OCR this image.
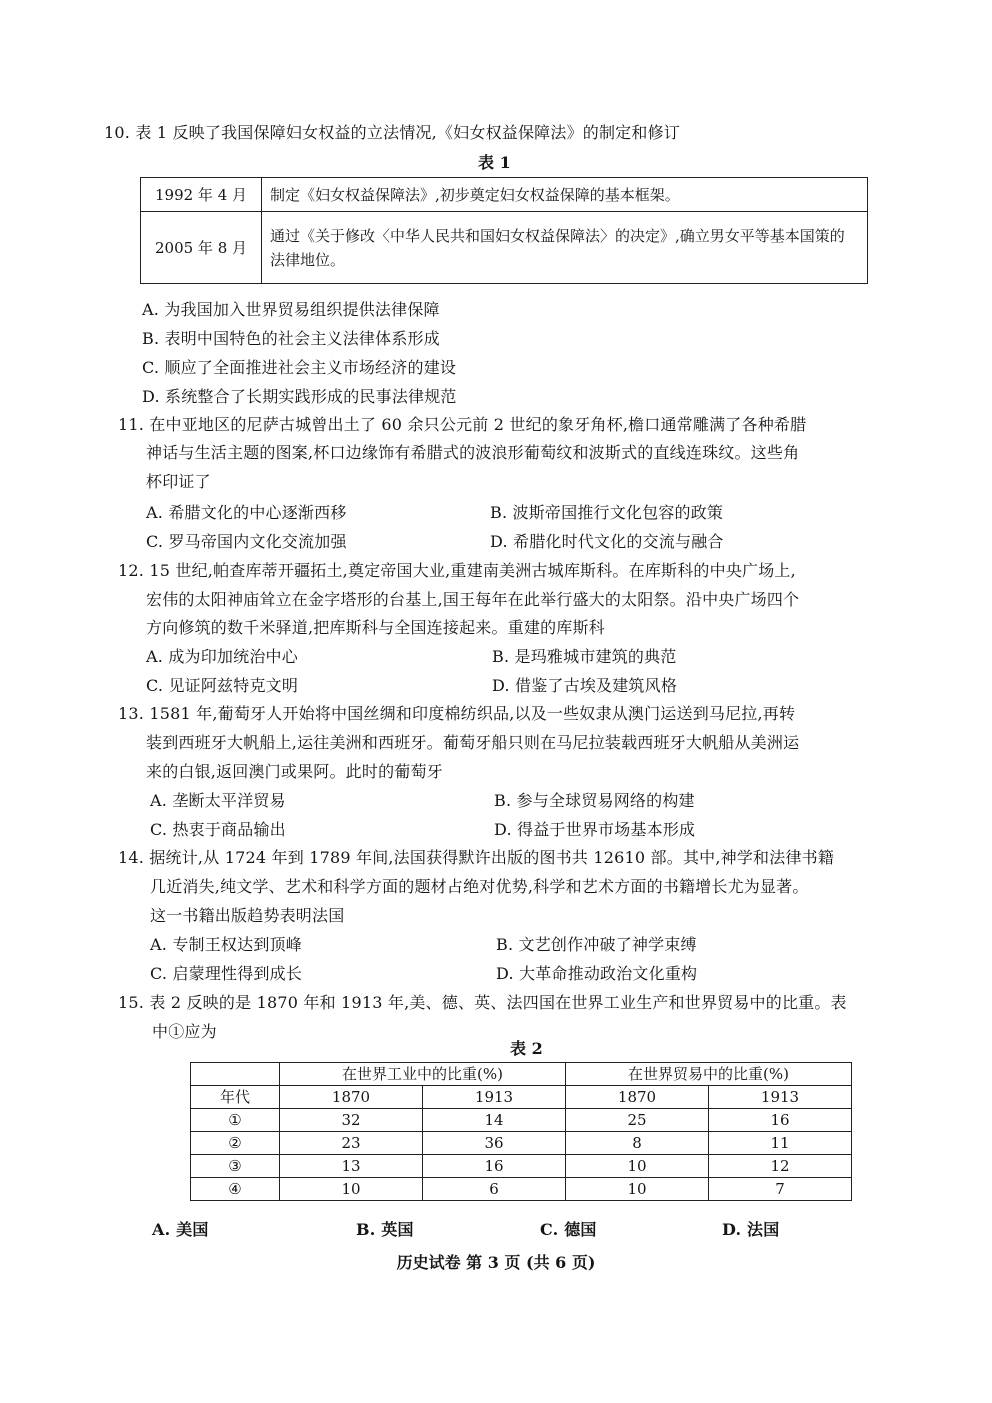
10. 表 1 反映了我国保障妇女权益的立法情况,《妇女权益保障法》的制定和修订
表 1
1992 年 4 月	制定《妇女权益保障法》,初步奠定妇女权益保障的基本框架。
2005 年 8 月	通过《关于修改〈中华人民共和国妇女权益保障法〉的决定》,确立男女平等基本国策的法律地位。
A. 为我国加入世界贸易组织提供法律保障
B. 表明中国特色的社会主义法律体系形成
C. 顺应了全面推进社会主义市场经济的建设
D. 系统整合了长期实践形成的民事法律规范
11. 在中亚地区的尼萨古城曾出土了 60 余只公元前 2 世纪的象牙角杯,檐口通常雕满了各种希腊
神话与生活主题的图案,杯口边缘饰有希腊式的波浪形葡萄纹和波斯式的直线连珠纹。这些角
杯印证了
A. 希腊文化的中心逐渐西移	B. 波斯帝国推行文化包容的政策
C. 罗马帝国内文化交流加强	D. 希腊化时代文化的交流与融合
12. 15 世纪,帕查库蒂开疆拓土,奠定帝国大业,重建南美洲古城库斯科。在库斯科的中央广场上,
宏伟的太阳神庙耸立在金字塔形的台基上,国王每年在此举行盛大的太阳祭。沿中央广场四个
方向修筑的数千米驿道,把库斯科与全国连接起来。重建的库斯科
A. 成为印加统治中心	B. 是玛雅城市建筑的典范
C. 见证阿兹特克文明	D. 借鉴了古埃及建筑风格
13. 1581 年,葡萄牙人开始将中国丝绸和印度棉纺织品,以及一些奴隶从澳门运送到马尼拉,再转
装到西班牙大帆船上,运往美洲和西班牙。葡萄牙船只则在马尼拉装载西班牙大帆船从美洲运
来的白银,返回澳门或果阿。此时的葡萄牙
A. 垄断太平洋贸易	B. 参与全球贸易网络的构建
C. 热衷于商品输出	D. 得益于世界市场基本形成
14. 据统计,从 1724 年到 1789 年间,法国获得默许出版的图书共 12610 部。其中,神学和法律书籍
几近消失,纯文学、艺术和科学方面的题材占绝对优势,科学和艺术方面的书籍增长尤为显著。
这一书籍出版趋势表明法国
A. 专制王权达到顶峰	B. 文艺创作冲破了神学束缚
C. 启蒙理性得到成长	D. 大革命推动政治文化重构
15. 表 2 反映的是 1870 年和 1913 年,美、德、英、法四国在世界工业生产和世界贸易中的比重。表
中①应为
表 2
	在世界工业中的比重(%)		在世界贸易中的比重(%)	
年代	1870	1913	1870	1913
①	32	14	25	16
②	23	36	8	11
③	13	16	10	12
④	10	6	10	7
A. 美国	B. 英国	C. 德国	D. 法国
历史试卷 第 3 页 (共 6 页)
